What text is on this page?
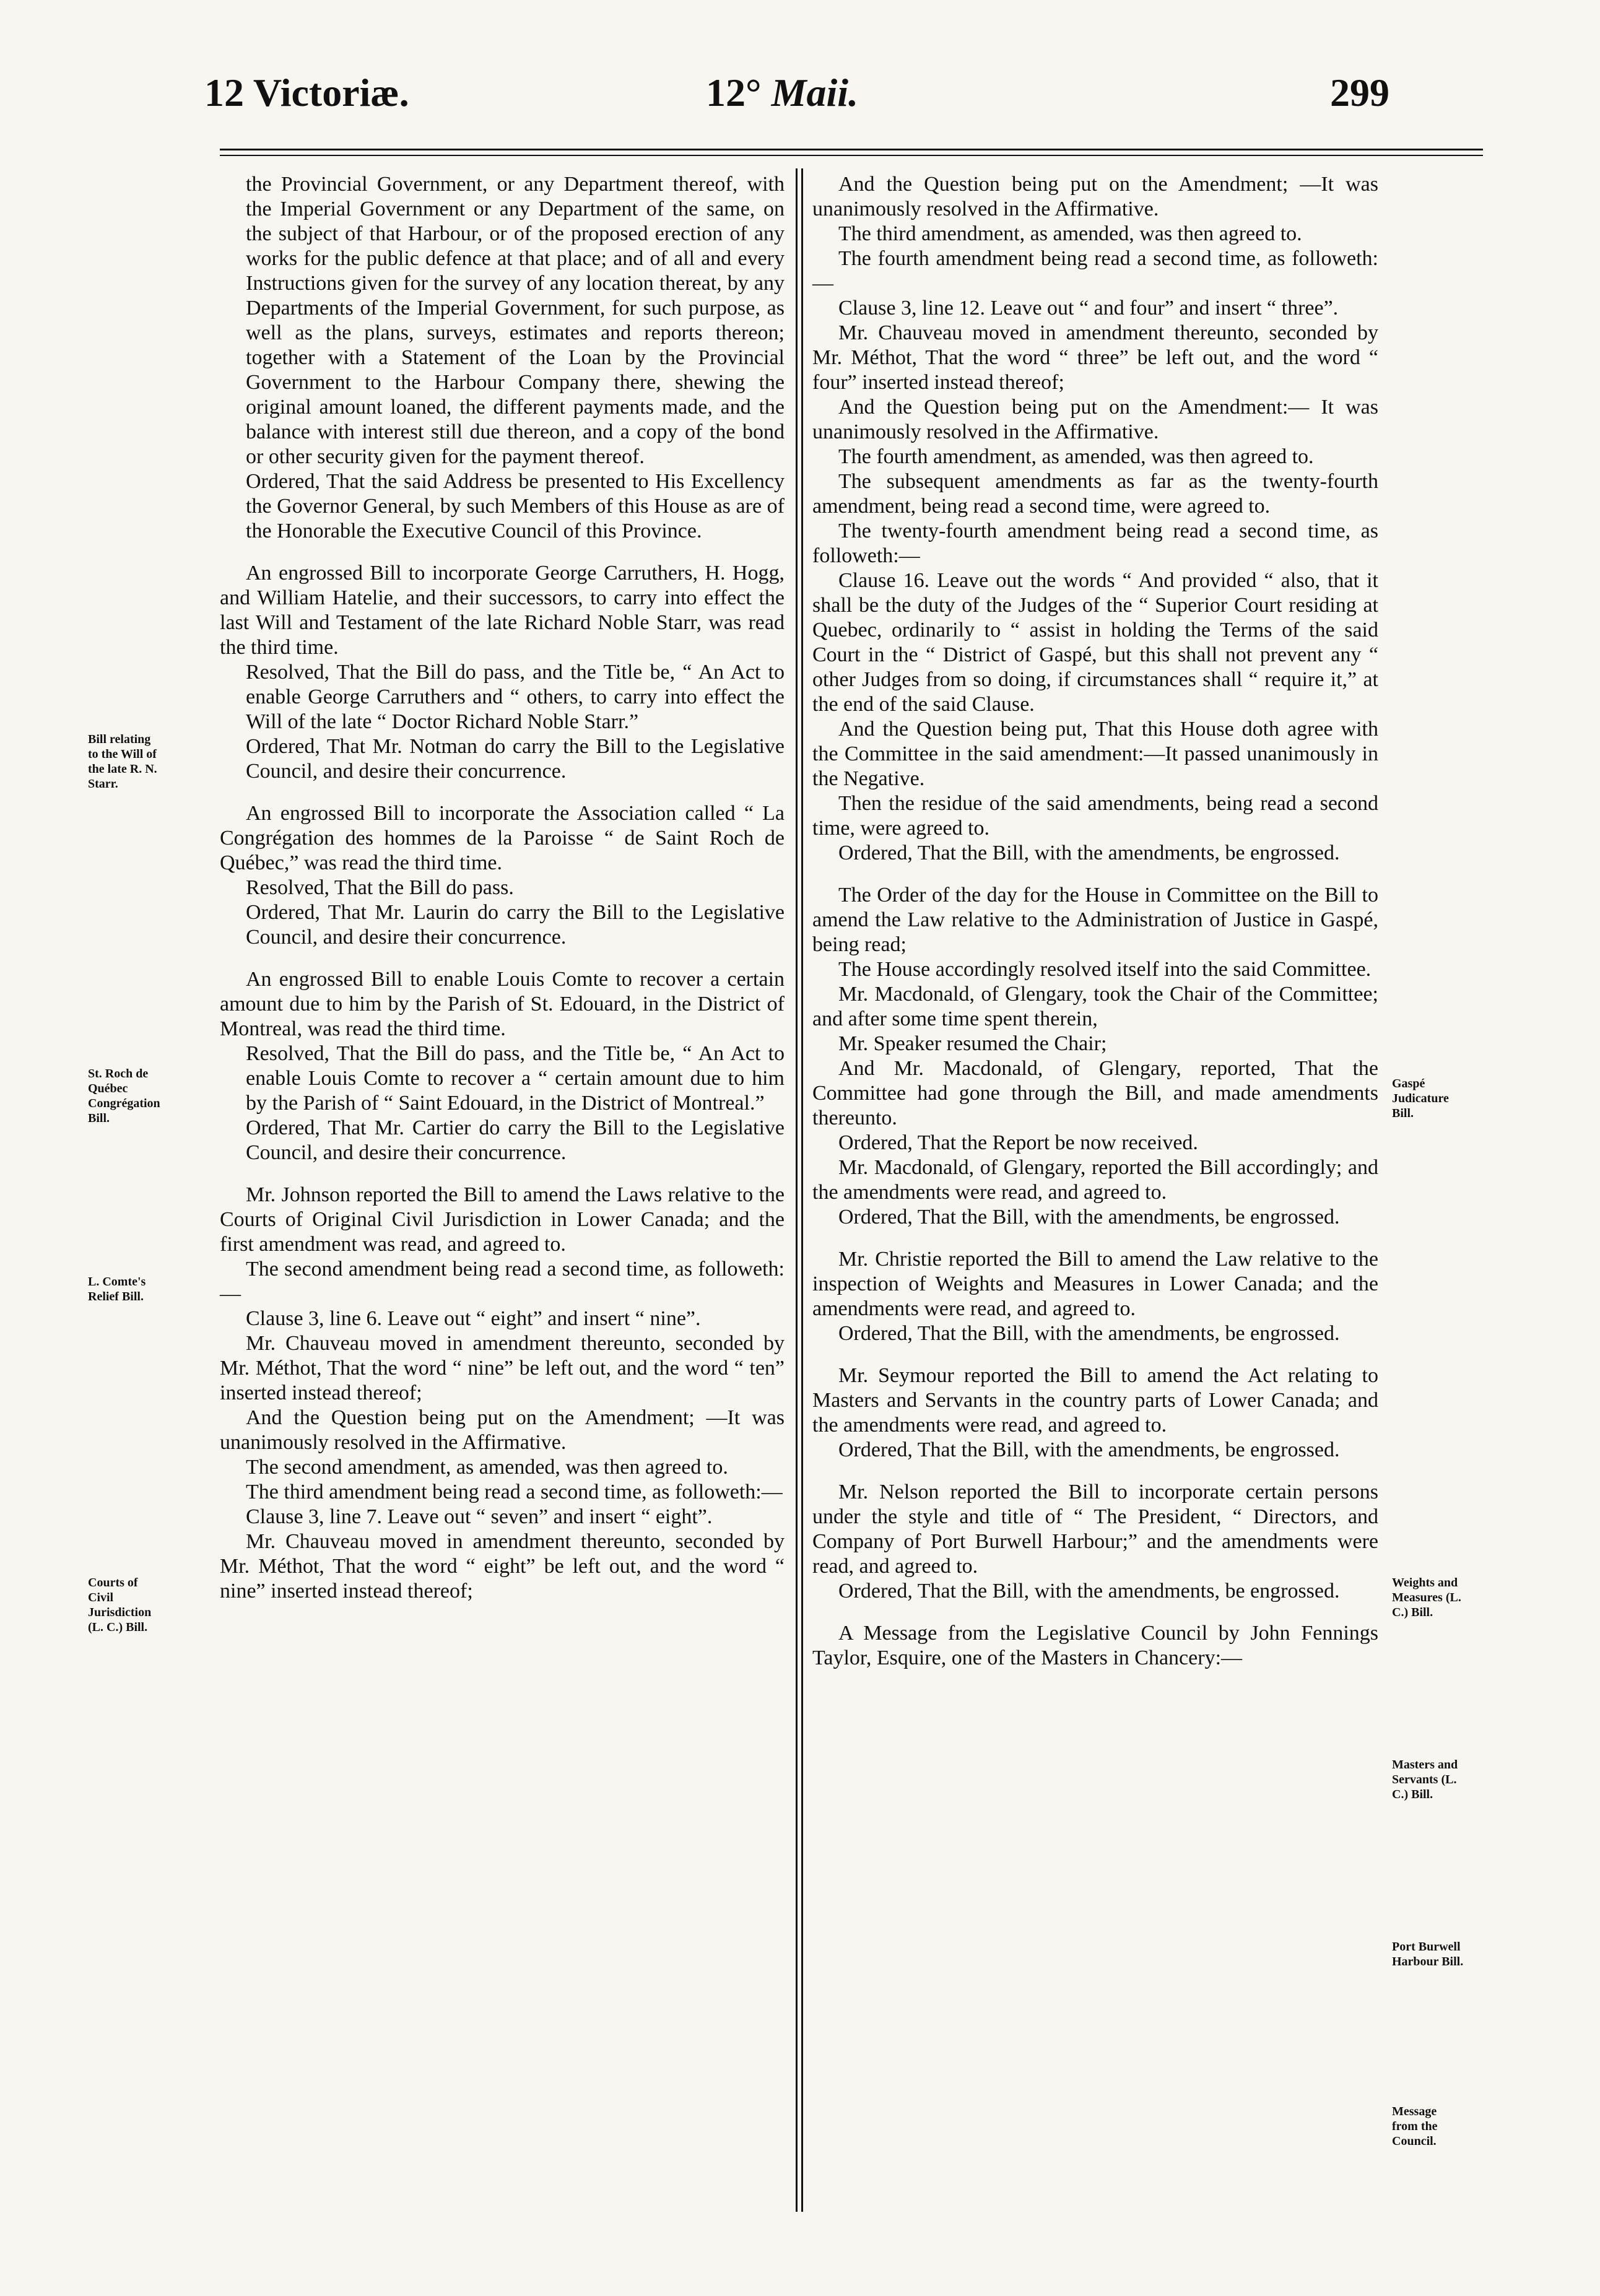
12 Victoriæ.	12° Maii.	299
Bill relating to the Will of the late R. N. Starr.
St. Roch de Québec Congrégation Bill.
L. Comte's Relief Bill.
Courts of Civil Jurisdiction (L. C.) Bill.
Gaspé Judicature Bill.
Weights and Measures (L. C.) Bill.
Masters and Servants (L. C.) Bill.
Port Burwell Harbour Bill.
Message from the Council.

the Provincial Government, or any Department thereof, with the Imperial Government or any Department of the same, on the subject of that Harbour, or of the proposed erection of any works for the public defence at that place; and of all and every Instructions given for the survey of any location thereat, by any Departments of the Imperial Government, for such purpose, as well as the plans, surveys, estimates and reports thereon; together with a Statement of the Loan by the Provincial Government to the Harbour Company there, shewing the original amount loaned, the different payments made, and the balance with interest still due thereon, and a copy of the bond or other security given for the payment thereof.

Ordered, That the said Address be presented to His Excellency the Governor General, by such Members of this House as are of the Honorable the Executive Council of this Province.

An engrossed Bill to incorporate George Carruthers, H. Hogg, and William Hatelie, and their successors, to carry into effect the last Will and Testament of the late Richard Noble Starr, was read the third time.

Resolved, That the Bill do pass, and the Title be, “ An Act to enable George Carruthers and “ others, to carry into effect the Will of the late “ Doctor Richard Noble Starr.”

Ordered, That Mr. Notman do carry the Bill to the Legislative Council, and desire their concurrence.

An engrossed Bill to incorporate the Association called “ La Congrégation des hommes de la Paroisse “ de Saint Roch de Québec,” was read the third time.

Resolved, That the Bill do pass.

Ordered, That Mr. Laurin do carry the Bill to the Legislative Council, and desire their concurrence.

An engrossed Bill to enable Louis Comte to recover a certain amount due to him by the Parish of St. Edouard, in the District of Montreal, was read the third time.

Resolved, That the Bill do pass, and the Title be, “ An Act to enable Louis Comte to recover a “ certain amount due to him by the Parish of “ Saint Edouard, in the District of Montreal.”

Ordered, That Mr. Cartier do carry the Bill to the Legislative Council, and desire their concurrence.

Mr. Johnson reported the Bill to amend the Laws relative to the Courts of Original Civil Jurisdiction in Lower Canada; and the first amendment was read, and agreed to.

The second amendment being read a second time, as followeth:—

Clause 3, line 6. Leave out “ eight” and insert “ nine”.

Mr. Chauveau moved in amendment thereunto, seconded by Mr. Méthot, That the word “ nine” be left out, and the word “ ten” inserted instead thereof;

And the Question being put on the Amendment; —It was unanimously resolved in the Affirmative.

The second amendment, as amended, was then agreed to.

The third amendment being read a second time, as followeth:—

Clause 3, line 7. Leave out “ seven” and insert “ eight”.

Mr. Chauveau moved in amendment thereunto, seconded by Mr. Méthot, That the word “ eight” be left out, and the word “ nine” inserted instead thereof;

And the Question being put on the Amendment; —It was unanimously resolved in the Affirmative.

The third amendment, as amended, was then agreed to.

The fourth amendment being read a second time, as followeth:—

Clause 3, line 12. Leave out “ and four” and insert “ three”.

Mr. Chauveau moved in amendment thereunto, seconded by Mr. Méthot, That the word “ three” be left out, and the word “ four” inserted instead thereof;

And the Question being put on the Amendment:— It was unanimously resolved in the Affirmative.

The fourth amendment, as amended, was then agreed to.

The subsequent amendments as far as the twenty-fourth amendment, being read a second time, were agreed to.

The twenty-fourth amendment being read a second time, as followeth:—

Clause 16. Leave out the words “ And provided “ also, that it shall be the duty of the Judges of the “ Superior Court residing at Quebec, ordinarily to “ assist in holding the Terms of the said Court in the “ District of Gaspé, but this shall not prevent any “ other Judges from so doing, if circumstances shall “ require it,” at the end of the said Clause.

And the Question being put, That this House doth agree with the Committee in the said amendment:—It passed unanimously in the Negative.

Then the residue of the said amendments, being read a second time, were agreed to.

Ordered, That the Bill, with the amendments, be engrossed.

The Order of the day for the House in Committee on the Bill to amend the Law relative to the Administration of Justice in Gaspé, being read;

The House accordingly resolved itself into the said Committee.

Mr. Macdonald, of Glengary, took the Chair of the Committee; and after some time spent therein,

Mr. Speaker resumed the Chair;

And Mr. Macdonald, of Glengary, reported, That the Committee had gone through the Bill, and made amendments thereunto.

Ordered, That the Report be now received.

Mr. Macdonald, of Glengary, reported the Bill accordingly; and the amendments were read, and agreed to.

Ordered, That the Bill, with the amendments, be engrossed.

Mr. Christie reported the Bill to amend the Law relative to the inspection of Weights and Measures in Lower Canada; and the amendments were read, and agreed to.

Ordered, That the Bill, with the amendments, be engrossed.

Mr. Seymour reported the Bill to amend the Act relating to Masters and Servants in the country parts of Lower Canada; and the amendments were read, and agreed to.

Ordered, That the Bill, with the amendments, be engrossed.

Mr. Nelson reported the Bill to incorporate certain persons under the style and title of “ The President, “ Directors, and Company of Port Burwell Harbour;” and the amendments were read, and agreed to.

Ordered, That the Bill, with the amendments, be engrossed.

A Message from the Legislative Council by John Fennings Taylor, Esquire, one of the Masters in Chancery:—
